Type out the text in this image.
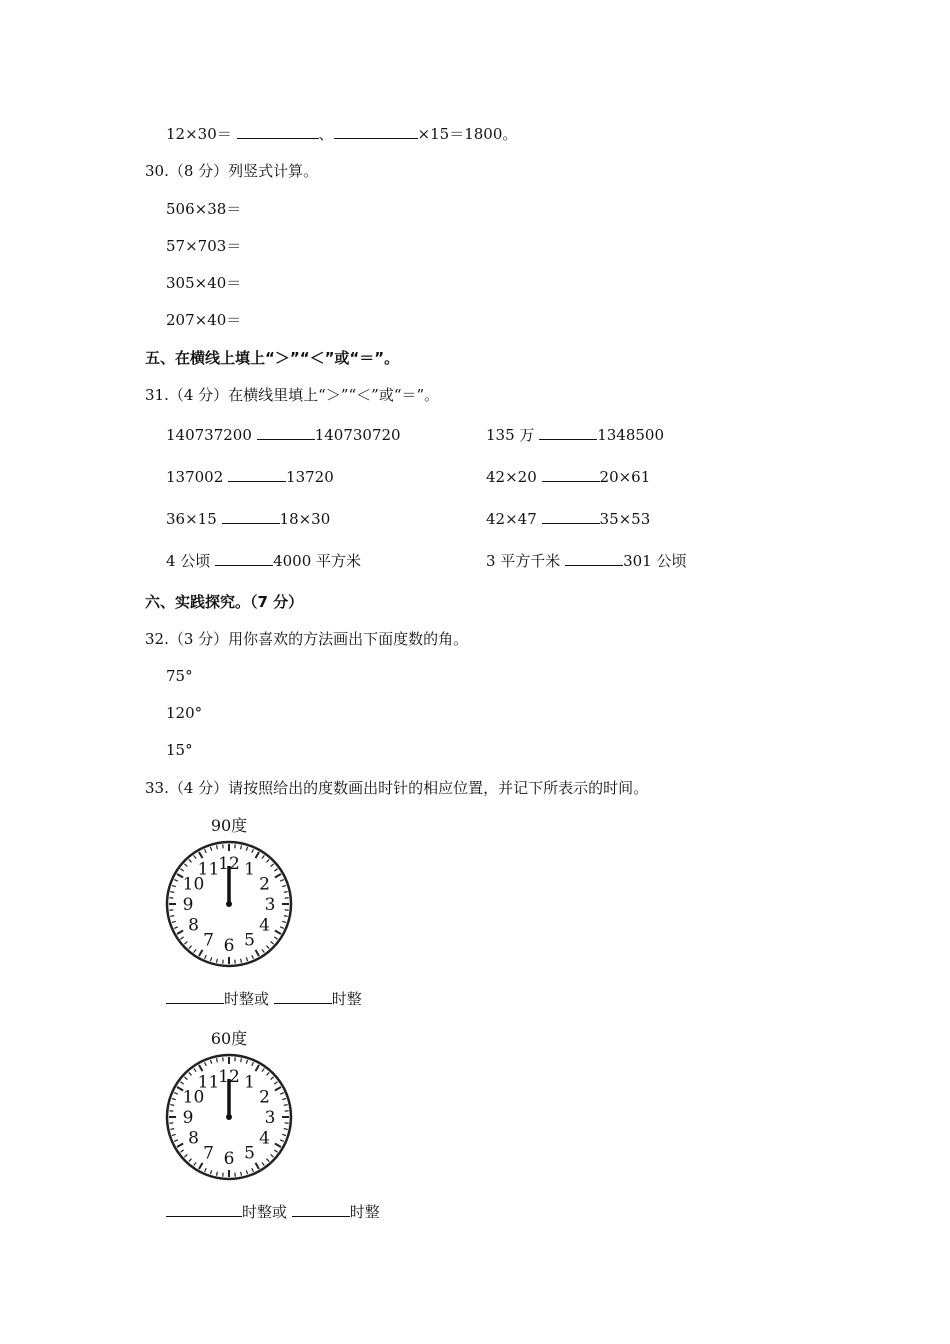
12×30＝	、	×15＝1800。
30.（8 分）列竖式计算。
506×38＝
57×703＝
305×40＝
207×40＝
五、在横线上填上“＞”“＜”或“＝”。
31.（4 分）在横线里填上“＞”“＜”或“＝”。
140737200	140730720	135 万	1348500
137002	13720	42×20	20×61
36×15	18×30	42×47	35×53
4 公顷	4000 平方米	3 平方千米	301 公顷
六、实践探究。（7 分）
32.（3 分）用你喜欢的方法画出下面度数的角。
75°
120°
15°
33.（4 分）请按照给出的度数画出时针的相应位置，并记下所表示的时间。
90度
12 1
2
3
4
5
6
7
8
9
10
11
时整或	时整
60度
12 1
2
3
4
5
6
7
8
9
10
11
时整或	时整
